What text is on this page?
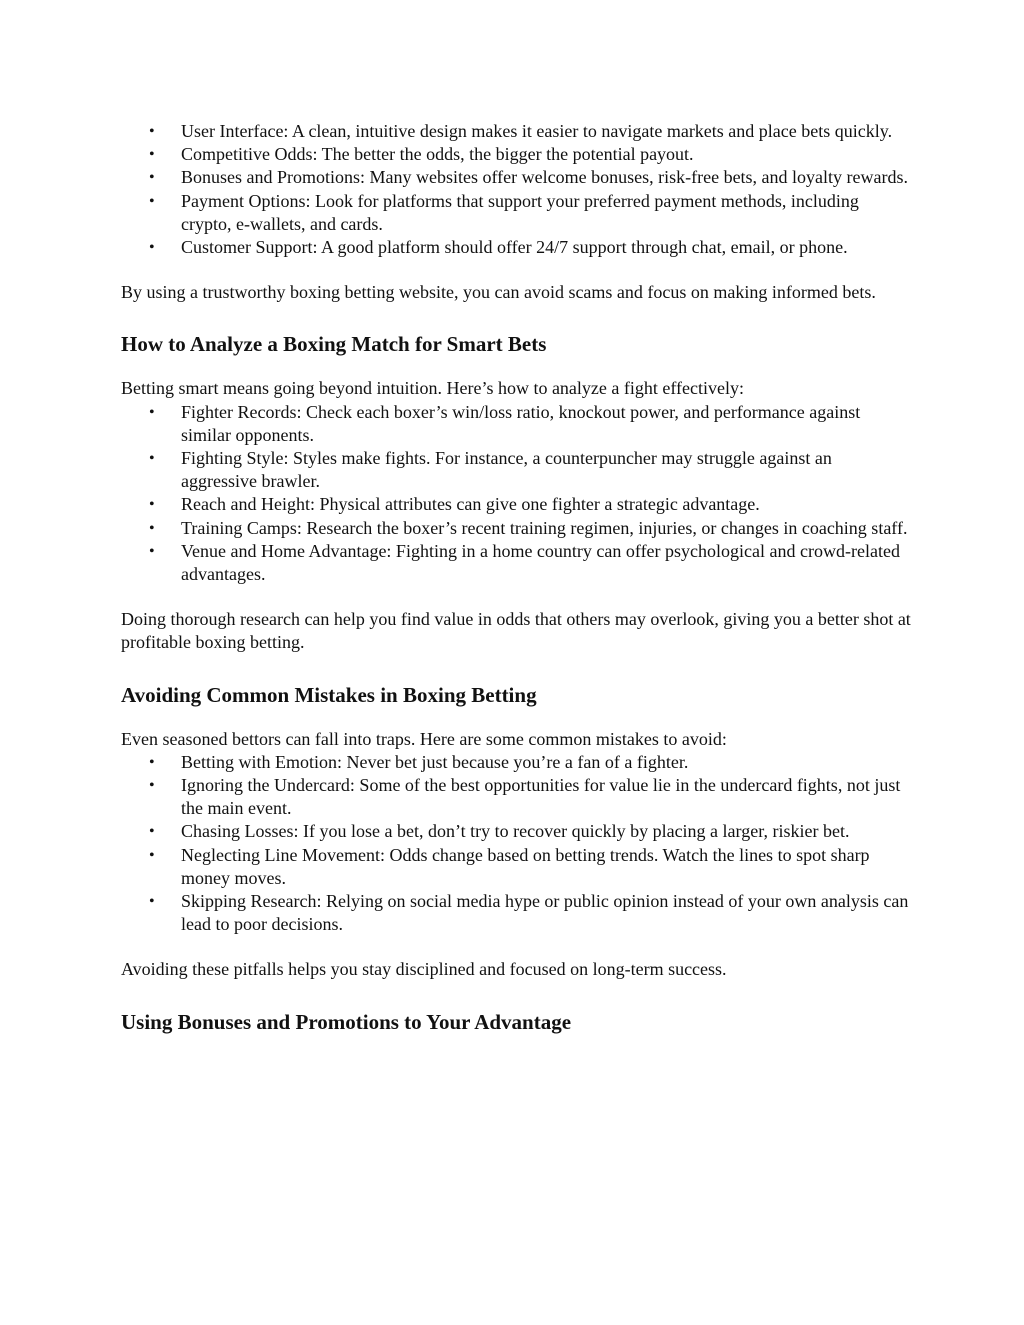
• User Interface: A clean, intuitive design makes it easier to navigate markets and place bets quickly.
• Competitive Odds: The better the odds, the bigger the potential payout.
• Bonuses and Promotions: Many websites offer welcome bonuses, risk-free bets, and loyalty rewards.
• Payment Options: Look for platforms that support your preferred payment methods, including crypto, e-wallets, and cards.
• Customer Support: A good platform should offer 24/7 support through chat, email, or phone.

By using a trustworthy boxing betting website, you can avoid scams and focus on making informed bets.

How to Analyze a Boxing Match for Smart Bets

Betting smart means going beyond intuition. Here’s how to analyze a fight effectively:

• Fighter Records: Check each boxer’s win/loss ratio, knockout power, and performance against similar opponents.
• Fighting Style: Styles make fights. For instance, a counterpuncher may struggle against an aggressive brawler.
• Reach and Height: Physical attributes can give one fighter a strategic advantage.
• Training Camps: Research the boxer’s recent training regimen, injuries, or changes in coaching staff.
• Venue and Home Advantage: Fighting in a home country can offer psychological and crowd-related advantages.

Doing thorough research can help you find value in odds that others may overlook, giving you a better shot at profitable boxing betting.

Avoiding Common Mistakes in Boxing Betting

Even seasoned bettors can fall into traps. Here are some common mistakes to avoid:

• Betting with Emotion: Never bet just because you’re a fan of a fighter.
• Ignoring the Undercard: Some of the best opportunities for value lie in the undercard fights, not just the main event.
• Chasing Losses: If you lose a bet, don’t try to recover quickly by placing a larger, riskier bet.
• Neglecting Line Movement: Odds change based on betting trends. Watch the lines to spot sharp money moves.
• Skipping Research: Relying on social media hype or public opinion instead of your own analysis can lead to poor decisions.

Avoiding these pitfalls helps you stay disciplined and focused on long-term success.

Using Bonuses and Promotions to Your Advantage
